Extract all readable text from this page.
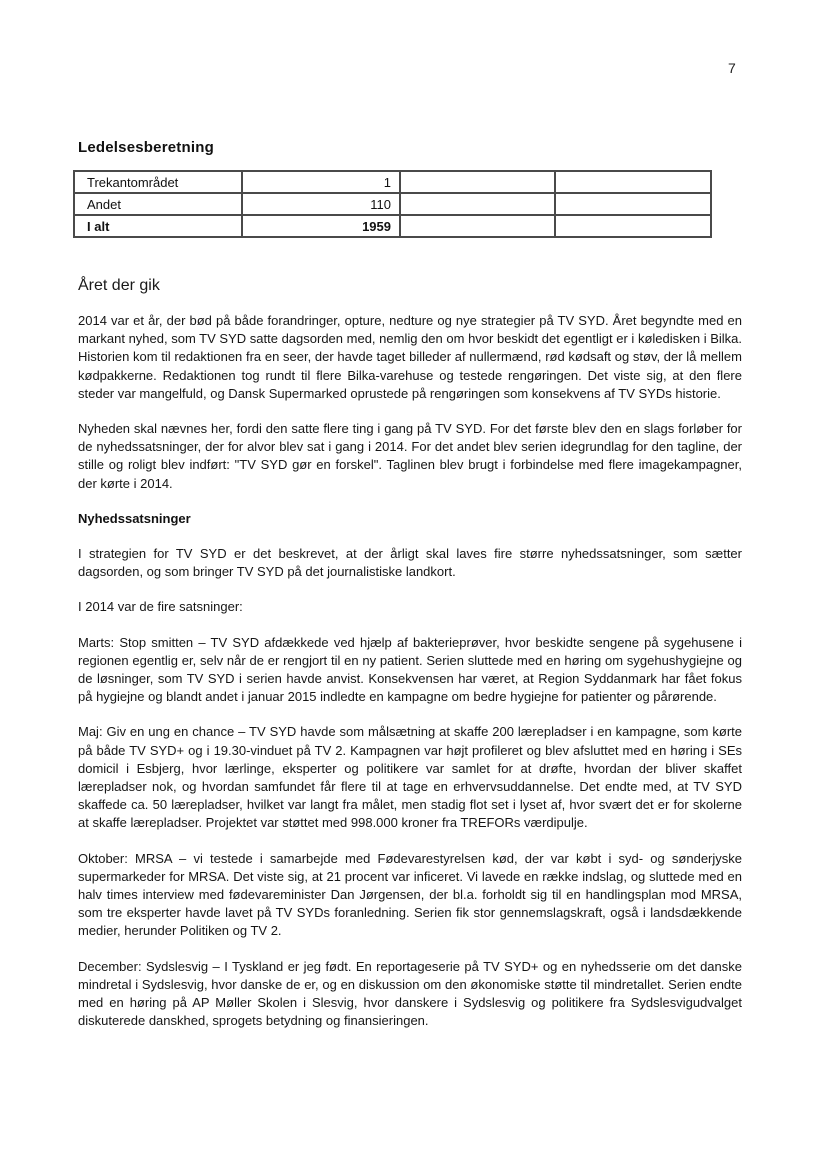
7
Ledelsesberetning
Trekantområdet	1		
Andet	110		
I alt	1959		
Året der gik

2014 var et år, der bød på både forandringer, opture, nedture og nye strategier på TV SYD. Året begyndte med en markant nyhed, som TV SYD satte dagsorden med, nemlig den om hvor beskidt det egentligt er i køledisken i Bilka. Historien kom til redaktionen fra en seer, der havde taget billeder af nullermænd, rød kødsaft og støv, der lå mellem kødpakkerne. Redaktionen tog rundt til flere Bilka-varehuse og testede rengøringen. Det viste sig, at den flere steder var mangelfuld, og Dansk Supermarked oprustede på rengøringen som konsekvens af TV SYDs historie.

Nyheden skal nævnes her, fordi den satte flere ting i gang på TV SYD. For det første blev den en slags forløber for de nyhedssatsninger, der for alvor blev sat i gang i 2014. For det andet blev serien idegrundlag for den tagline, der stille og roligt blev indført: "TV SYD gør en forskel". Taglinen blev brugt i forbindelse med flere imagekampagner, der kørte i 2014.

Nyhedssatsninger

I strategien for TV SYD er det beskrevet, at der årligt skal laves fire større nyhedssatsninger, som sætter dagsorden, og som bringer TV SYD på det journalistiske landkort.

I 2014 var de fire satsninger:

Marts: Stop smitten – TV SYD afdækkede ved hjælp af bakterieprøver, hvor beskidte sengene på sygehusene i regionen egentlig er, selv når de er rengjort til en ny patient. Serien sluttede med en høring om sygehushygiejne og de løsninger, som TV SYD i serien havde anvist. Konsekvensen har været, at Region Syddanmark har fået fokus på hygiejne og blandt andet i januar 2015 indledte en kampagne om bedre hygiejne for patienter og pårørende.

Maj: Giv en ung en chance – TV SYD havde som målsætning at skaffe 200 lærepladser i en kampagne, som kørte på både TV SYD+ og i 19.30-vinduet på TV 2. Kampagnen var højt profileret og blev afsluttet med en høring i SEs domicil i Esbjerg, hvor lærlinge, eksperter og politikere var samlet for at drøfte, hvordan der bliver skaffet lærepladser nok, og hvordan samfundet får flere til at tage en erhvervsuddannelse. Det endte med, at TV SYD skaffede ca. 50 lærepladser, hvilket var langt fra målet, men stadig flot set i lyset af, hvor svært det er for skolerne at skaffe lærepladser. Projektet var støttet med 998.000 kroner fra TREFORs værdipulje.

Oktober: MRSA – vi testede i samarbejde med Fødevarestyrelsen kød, der var købt i syd- og sønderjyske supermarkeder for MRSA. Det viste sig, at 21 procent var inficeret. Vi lavede en række indslag, og sluttede med en halv times interview med fødevareminister Dan Jørgensen, der bl.a. forholdt sig til en handlingsplan mod MRSA, som tre eksperter havde lavet på TV SYDs foranledning. Serien fik stor gennemslagskraft, også i landsdækkende medier, herunder Politiken og TV 2.

December: Sydslesvig – I Tyskland er jeg født. En reportageserie på TV SYD+ og en nyhedsserie om det danske mindretal i Sydslesvig, hvor danske de er, og en diskussion om den økonomiske støtte til mindretallet. Serien endte med en høring på AP Møller Skolen i Slesvig, hvor danskere i Sydslesvig og politikere fra Sydslesvigudvalget diskuterede danskhed, sprogets betydning og finansieringen.
